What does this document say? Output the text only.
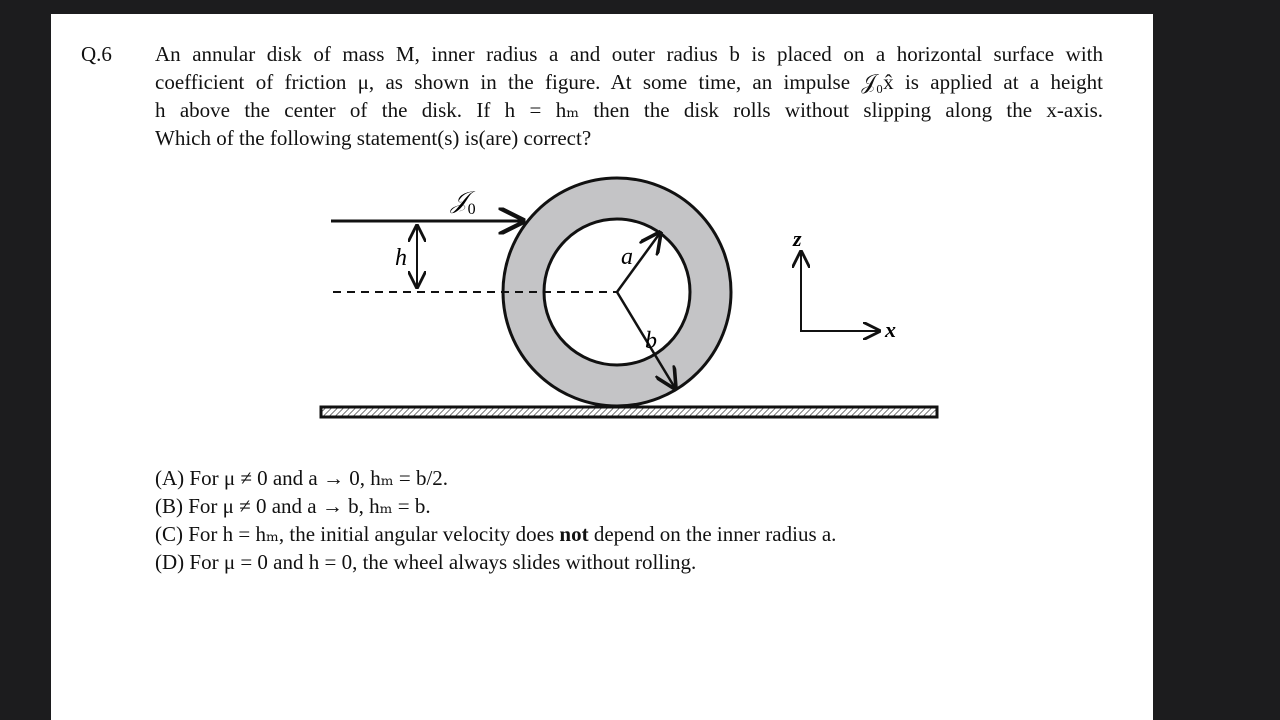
Q.6 An annular disk of mass M, inner radius a and outer radius b is placed on a horizontal surface with
coefficient of friction μ, as shown in the figure. At some time, an impulse 𝒥₀x̂ is applied at a height
h above the center of the disk. If h = hₘ then the disk rolls without slipping along the x-axis.
Which of the following statement(s) is(are) correct?
𝒥$_0$
h	a
b
z
x
(A) For μ ≠ 0 and a → 0, hₘ = b/2.
(B) For μ ≠ 0 and a → b, hₘ = b.
(C) For h = hₘ, the initial angular velocity does not depend on the inner radius a.
(D) For μ = 0 and h = 0, the wheel always slides without rolling.
